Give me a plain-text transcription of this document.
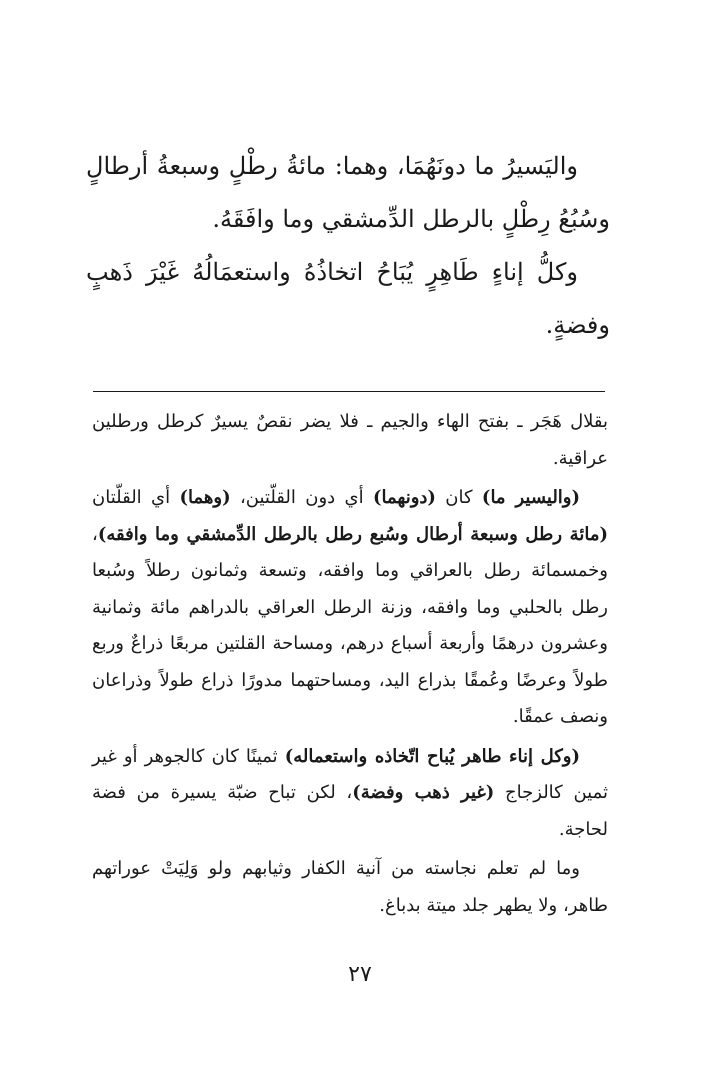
واليَسيرُ ما دونَهُمَا، وهما: مائةُ رطْلٍ وسبعةُ أرطالٍ وسُبُعُ رِطْلٍ بالرطل الدِّمشقي وما وافَقَهُ.

وكلُّ إناءٍ طَاهِرٍ يُبَاحُ اتخاذُهُ واستعمَالُهُ غَيْرَ ذَهبٍ وفضةٍ.

بقلال هَجَر ـ بفتح الهاء والجيم ـ فلا يضر نقصٌ يسيرٌ كرطل ورطلين عراقية.

(واليسير ما) كان (دونهما) أي دون القلّتين، (وهما) أي القلّتان (مائة رطل وسبعة أرطال وسُبع رطل بالرطل الدِّمشقي وما وافقه)، وخمسمائة رطل بالعراقي وما وافقه، وتسعة وثمانون رطلاً وسُبعا رطل بالحلبي وما وافقه، وزنة الرطل العراقي بالدراهم مائة وثمانية وعشرون درهمًا وأربعة أسباع درهم، ومساحة القلتين مربعًا ذراعٌ وربع طولاً وعرضًا وعُمقًا بذراع اليد، ومساحتهما مدورًا ذراع طولاً وذراعان ونصف عمقًا.

(وكل إناء طاهر يُباح اتّخاذه واستعماله) ثمينًا كان كالجوهر أو غير ثمين كالزجاج (غير ذهب وفضة)، لكن تباح ضبّة يسيرة من فضة لحاجة.

وما لم تعلم نجاسته من آنية الكفار وثيابهم ولو وَلِيَتْ عوراتهم طاهر، ولا يطهر جلد ميتة بدباغ.

٢٧
